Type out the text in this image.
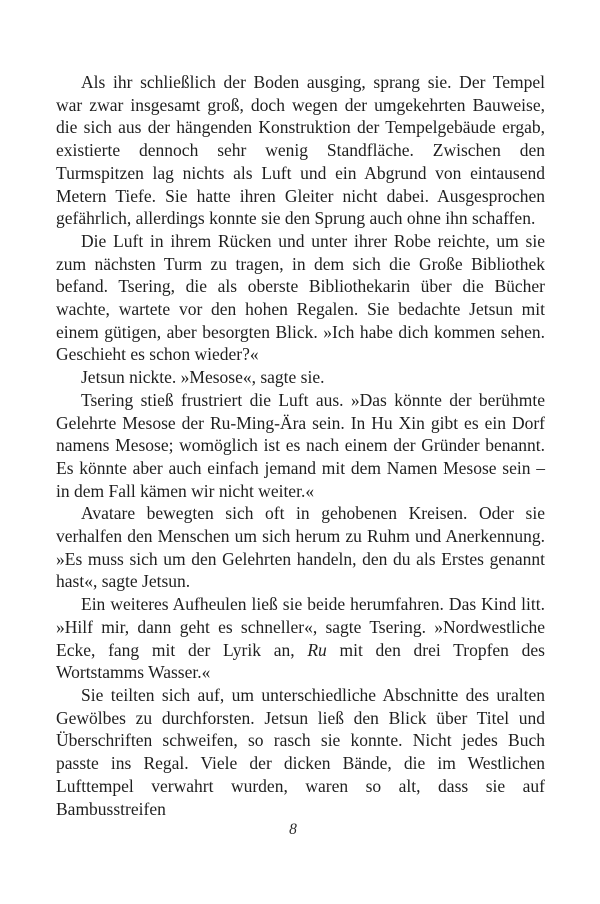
Als ihr schließlich der Boden ausging, sprang sie. Der Tempel war zwar insgesamt groß, doch wegen der umgekehrten Bauweise, die sich aus der hängenden Konstruktion der Tempelgebäude ergab, existierte dennoch sehr wenig Standfläche. Zwischen den Turmspitzen lag nichts als Luft und ein Abgrund von eintausend Metern Tiefe. Sie hatte ihren Gleiter nicht dabei. Ausgesprochen gefährlich, allerdings konnte sie den Sprung auch ohne ihn schaffen.

Die Luft in ihrem Rücken und unter ihrer Robe reichte, um sie zum nächsten Turm zu tragen, in dem sich die Große Bibliothek befand. Tsering, die als oberste Bibliothekarin über die Bücher wachte, wartete vor den hohen Regalen. Sie bedachte Jetsun mit einem gütigen, aber besorgten Blick. »Ich habe dich kommen sehen. Geschieht es schon wieder?«

Jetsun nickte. »Mesose«, sagte sie.

Tsering stieß frustriert die Luft aus. »Das könnte der berühmte Gelehrte Mesose der Ru-Ming-Ära sein. In Hu Xin gibt es ein Dorf namens Mesose; womöglich ist es nach einem der Gründer benannt. Es könnte aber auch einfach jemand mit dem Namen Mesose sein – in dem Fall kämen wir nicht weiter.«

Avatare bewegten sich oft in gehobenen Kreisen. Oder sie verhalfen den Menschen um sich herum zu Ruhm und Anerkennung. »Es muss sich um den Gelehrten handeln, den du als Erstes genannt hast«, sagte Jetsun.

Ein weiteres Aufheulen ließ sie beide herumfahren. Das Kind litt. »Hilf mir, dann geht es schneller«, sagte Tsering. »Nordwestliche Ecke, fang mit der Lyrik an, Ru mit den drei Tropfen des Wortstamms Wasser.«

Sie teilten sich auf, um unterschiedliche Abschnitte des uralten Gewölbes zu durchforsten. Jetsun ließ den Blick über Titel und Überschriften schweifen, so rasch sie konnte. Nicht jedes Buch passte ins Regal. Viele der dicken Bände, die im Westlichen Lufttempel verwahrt wurden, waren so alt, dass sie auf Bambusstreifen

8
